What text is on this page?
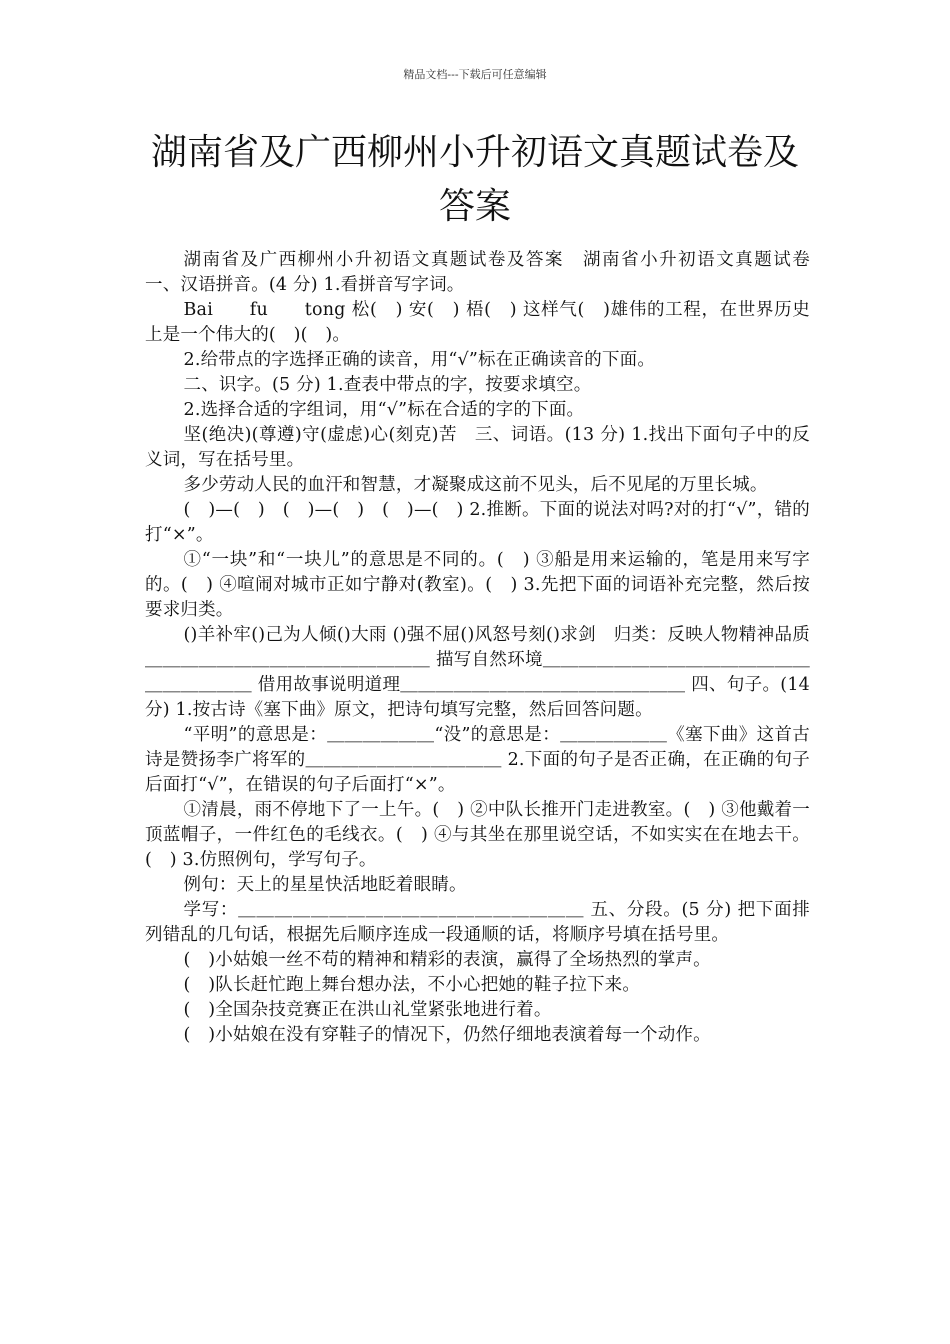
精品文档---下载后可任意编辑
湖南省及广西柳州小升初语文真题试卷及
答案

湖南省及广西柳州小升初语文真题试卷及答案　湖南省小升初语文真题试卷　一、汉语拼音。(4 分) 1.看拼音写字词。

Bai　　fu　　tong 松(　) 安(　) 梧(　) 这样气(　)雄伟的工程，在世界历史上是一个伟大的(　)(　)。

2.给带点的字选择正确的读音，用“√”标在正确读音的下面。

二、识字。(5 分) 1.查表中带点的字，按要求填空。

2.选择合适的字组词，用“√”标在合适的字的下面。

坚(绝决)(尊遵)守(虚虑)心(刻克)苦　三、词语。(13 分) 1.找出下面句子中的反义词，写在括号里。

多少劳动人民的血汗和智慧，才凝聚成这前不见头，后不见尾的万里长城。

(　)—(　)　(　)—(　)　(　)—(　) 2.推断。下面的说法对吗?对的打“√”，错的打“×”。

①“一块”和“一块儿”的意思是不同的。(　) ③船是用来运输的，笔是用来写字的。(　) ④喧闹对城市正如宁静对(教室)。(　) 3.先把下面的词语补充完整，然后按要求归类。

()羊补牢()己为人倾()大雨 ()强不屈()风怒号刻()求剑　归类：反映人物精神品质＿＿＿＿＿＿＿＿＿＿＿＿＿＿＿＿ 描写自然环境＿＿＿＿＿＿＿＿＿＿＿＿＿＿＿＿＿＿＿＿＿ 借用故事说明道理＿＿＿＿＿＿＿＿＿＿＿＿＿＿＿＿ 四、句子。(14 分) 1.按古诗《塞下曲》原文，把诗句填写完整，然后回答问题。

“平明”的意思是：＿＿＿＿＿＿“没”的意思是：＿＿＿＿＿＿《塞下曲》这首古诗是赞扬李广将军的＿＿＿＿＿＿＿＿＿＿＿ 2.下面的句子是否正确，在正确的句子后面打“√”，在错误的句子后面打“×”。

①清晨，雨不停地下了一上午。(　) ②中队长推开门走进教室。(　) ③他戴着一顶蓝帽子，一件红色的毛线衣。(　) ④与其坐在那里说空话，不如实实在在地去干。(　) 3.仿照例句，学写句子。

例句：天上的星星快活地眨着眼睛。

学写：＿＿＿＿＿＿＿＿＿＿＿＿＿＿＿＿＿＿＿ 五、分段。(5 分) 把下面排列错乱的几句话，根据先后顺序连成一段通顺的话，将顺序号填在括号里。

(　)小姑娘一丝不苟的精神和精彩的表演，赢得了全场热烈的掌声。

(　)队长赶忙跑上舞台想办法，不小心把她的鞋子拉下来。

(　)全国杂技竞赛正在洪山礼堂紧张地进行着。

(　)小姑娘在没有穿鞋子的情况下，仍然仔细地表演着每一个动作。
